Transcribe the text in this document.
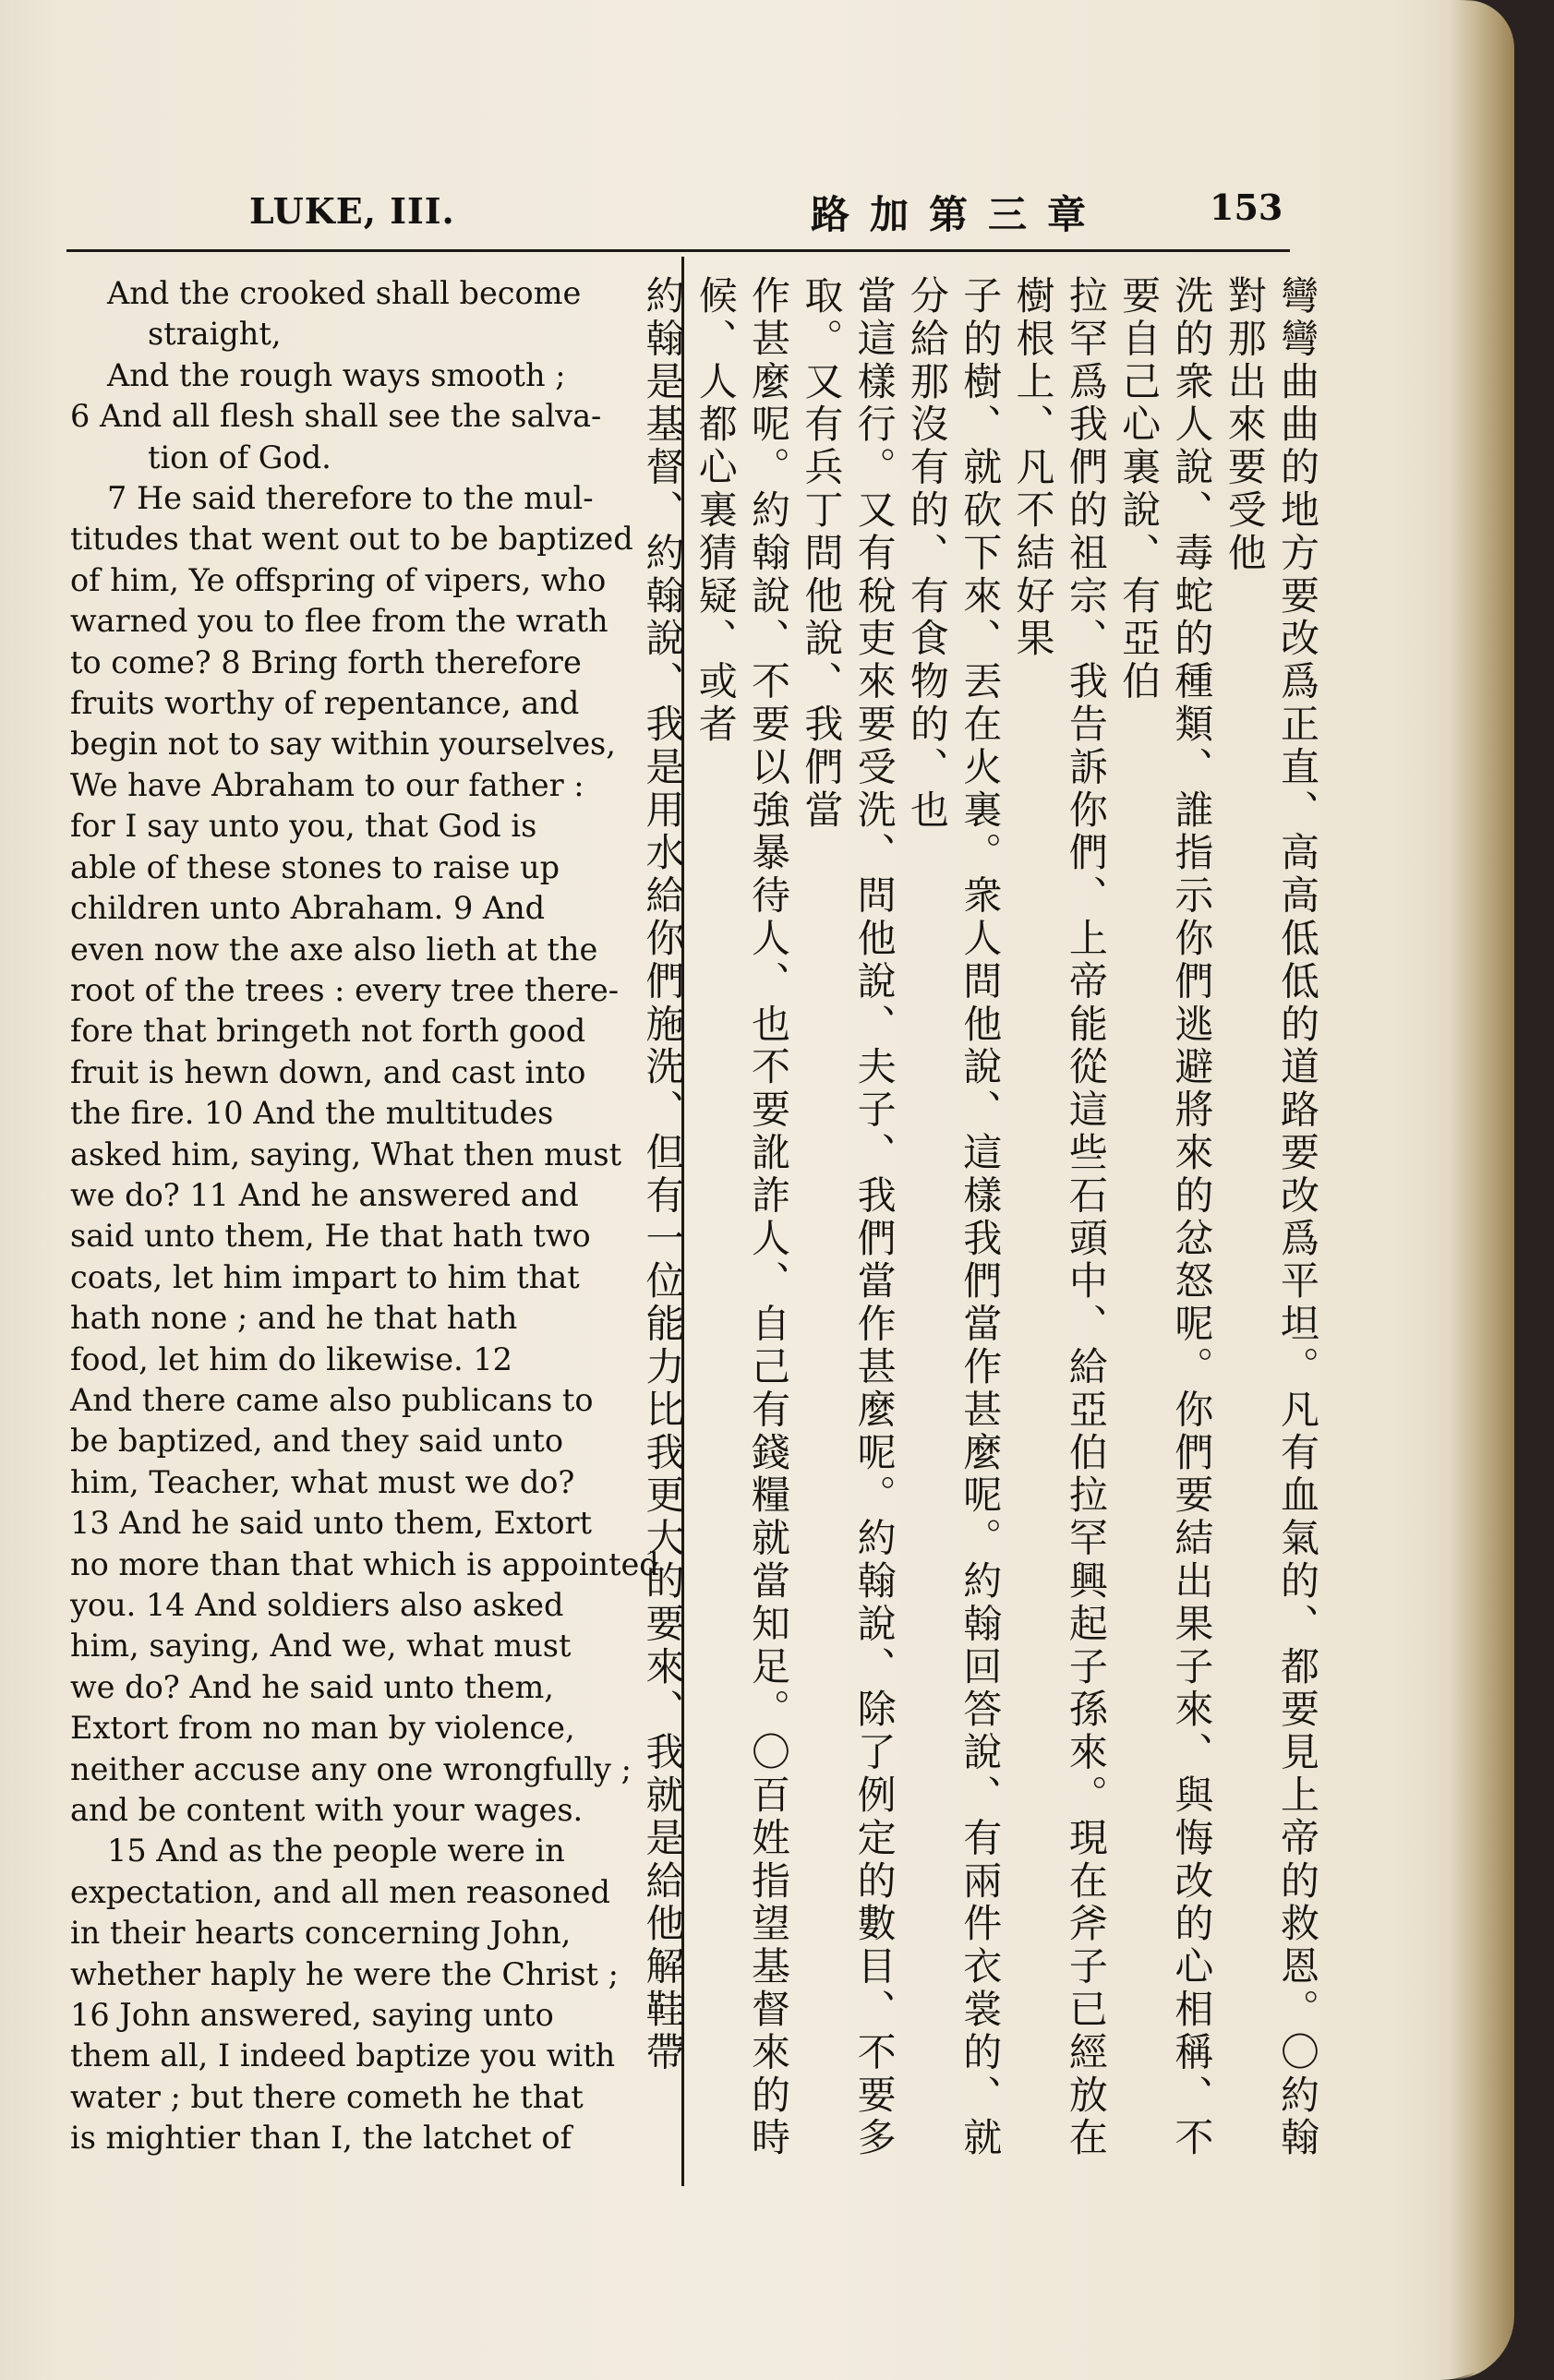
LUKE, III.	路加第三章	153
And the crooked shall become
straight,
And the rough ways smooth ;
6 And all flesh shall see the salva-
tion of God.
7 He said therefore to the mul-
titudes that went out to be baptized
of him, Ye offspring of vipers, who
warned you to flee from the wrath
to come? 8 Bring forth therefore
fruits worthy of repentance, and
begin not to say within yourselves,
We have Abraham to our father :
for I say unto you, that God is
able of these stones to raise up
children unto Abraham. 9 And
even now the axe also lieth at the
root of the trees : every tree there-
fore that bringeth not forth good
fruit is hewn down, and cast into
the fire. 10 And the multitudes
asked him, saying, What then must
we do? 11 And he answered and
said unto them, He that hath two
coats, let him impart to him that
hath none ; and he that hath
food, let him do likewise. 12
And there came also publicans to
be baptized, and they said unto
him, Teacher, what must we do?
13 And he said unto them, Extort
no more than that which is appointed
you. 14 And soldiers also asked
him, saying, And we, what must
we do? And he said unto them,
Extort from no man by violence,
neither accuse any one wrongfully ;
and be content with your wages.
15 And as the people were in
expectation, and all men reasoned
in their hearts concerning John,
whether haply he were the Christ ;
16 John answered, saying unto
them all, I indeed baptize you with
water ; but there cometh he that
is mightier than I, the latchet of	彎彎曲曲的地方要改爲正直、高高低低的道路要改爲平坦。凡有血氣的、都要見上帝的救恩。〇約翰對那出來要受他
洗的衆人說、毒蛇的種類、誰指示你們逃避將來的忿怒呢。你們要結出果子來、與悔改的心相稱、不要自己心裏說、有亞伯
拉罕爲我們的祖宗、我告訴你們、上帝能從這些石頭中、給亞伯拉罕興起子孫來。現在斧子已經放在樹根上、凡不結好果
子的樹、就砍下來、丟在火裏。衆人問他說、這樣我們當作甚麼呢。約翰回答說、有兩件衣裳的、就分給那沒有的、有食物的、也
當這樣行。又有稅吏來要受洗、問他說、夫子、我們當作甚麼呢。約翰說、除了例定的數目、不要多取。又有兵丁問他說、我們當
作甚麼呢。約翰說、不要以強暴待人、也不要訛詐人、自己有錢糧就當知足。〇百姓指望基督來的時候、人都心裏猜疑、或者
約翰是基督、約翰說、我是用水給你們施洗、但有一位能力比我更大的要來、我就是給他解鞋帶
